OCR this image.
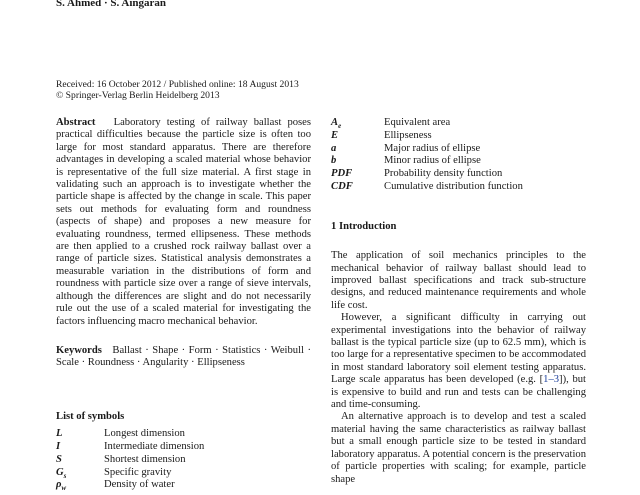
S. Ahmed · S. Aingaran
Received: 16 October 2012 / Published online: 18 August 2013
© Springer-Verlag Berlin Heidelberg 2013

Abstract Laboratory testing of railway ballast poses practical difficulties because the particle size is often too large for most standard apparatus. There are therefore advantages in developing a scaled material whose behavior is representative of the full size material. A first stage in validating such an approach is to investigate whether the particle shape is affected by the change in scale. This paper sets out methods for evaluating form and roundness (aspects of shape) and proposes a new measure for evaluating roundness, termed ellipseness. These methods are then applied to a crushed rock railway ballast over a range of particle sizes. Statistical analysis demonstrates a measurable variation in the distributions of form and roundness with particle size over a range of sieve intervals, although the differences are slight and do not necessarily rule out the use of a scaled material for investigating the factors influencing macro mechanical behavior.

Keywords Ballast · Shape · Form · Statistics · Weibull · Scale · Roundness · Angularity · Ellipseness

List of symbols
L	Longest dimension
I	Intermediate dimension
S	Shortest dimension
$G_s$	Specific gravity
$\rho_w$	Density of water
$A_e$	Equivalent area
E	Ellipseness
a	Major radius of ellipse
b	Minor radius of ellipse
PDF	Probability density function
CDF	Cumulative distribution function
1 Introduction

The application of soil mechanics principles to the mechanical behavior of railway ballast should lead to improved ballast specifications and track sub-structure designs, and reduced maintenance requirements and whole life cost.

However, a significant difficulty in carrying out experimental investigations into the behavior of railway ballast is the typical particle size (up to 62.5 mm), which is too large for a representative specimen to be accommodated in most standard laboratory soil element testing apparatus. Large scale apparatus has been developed (e.g. [1–3]), but is expensive to build and run and tests can be challenging and time-consuming.

An alternative approach is to develop and test a scaled material having the same characteristics as railway ballast but a small enough particle size to be tested in standard laboratory apparatus. A potential concern is the preservation of particle properties with scaling; for example, particle shape
